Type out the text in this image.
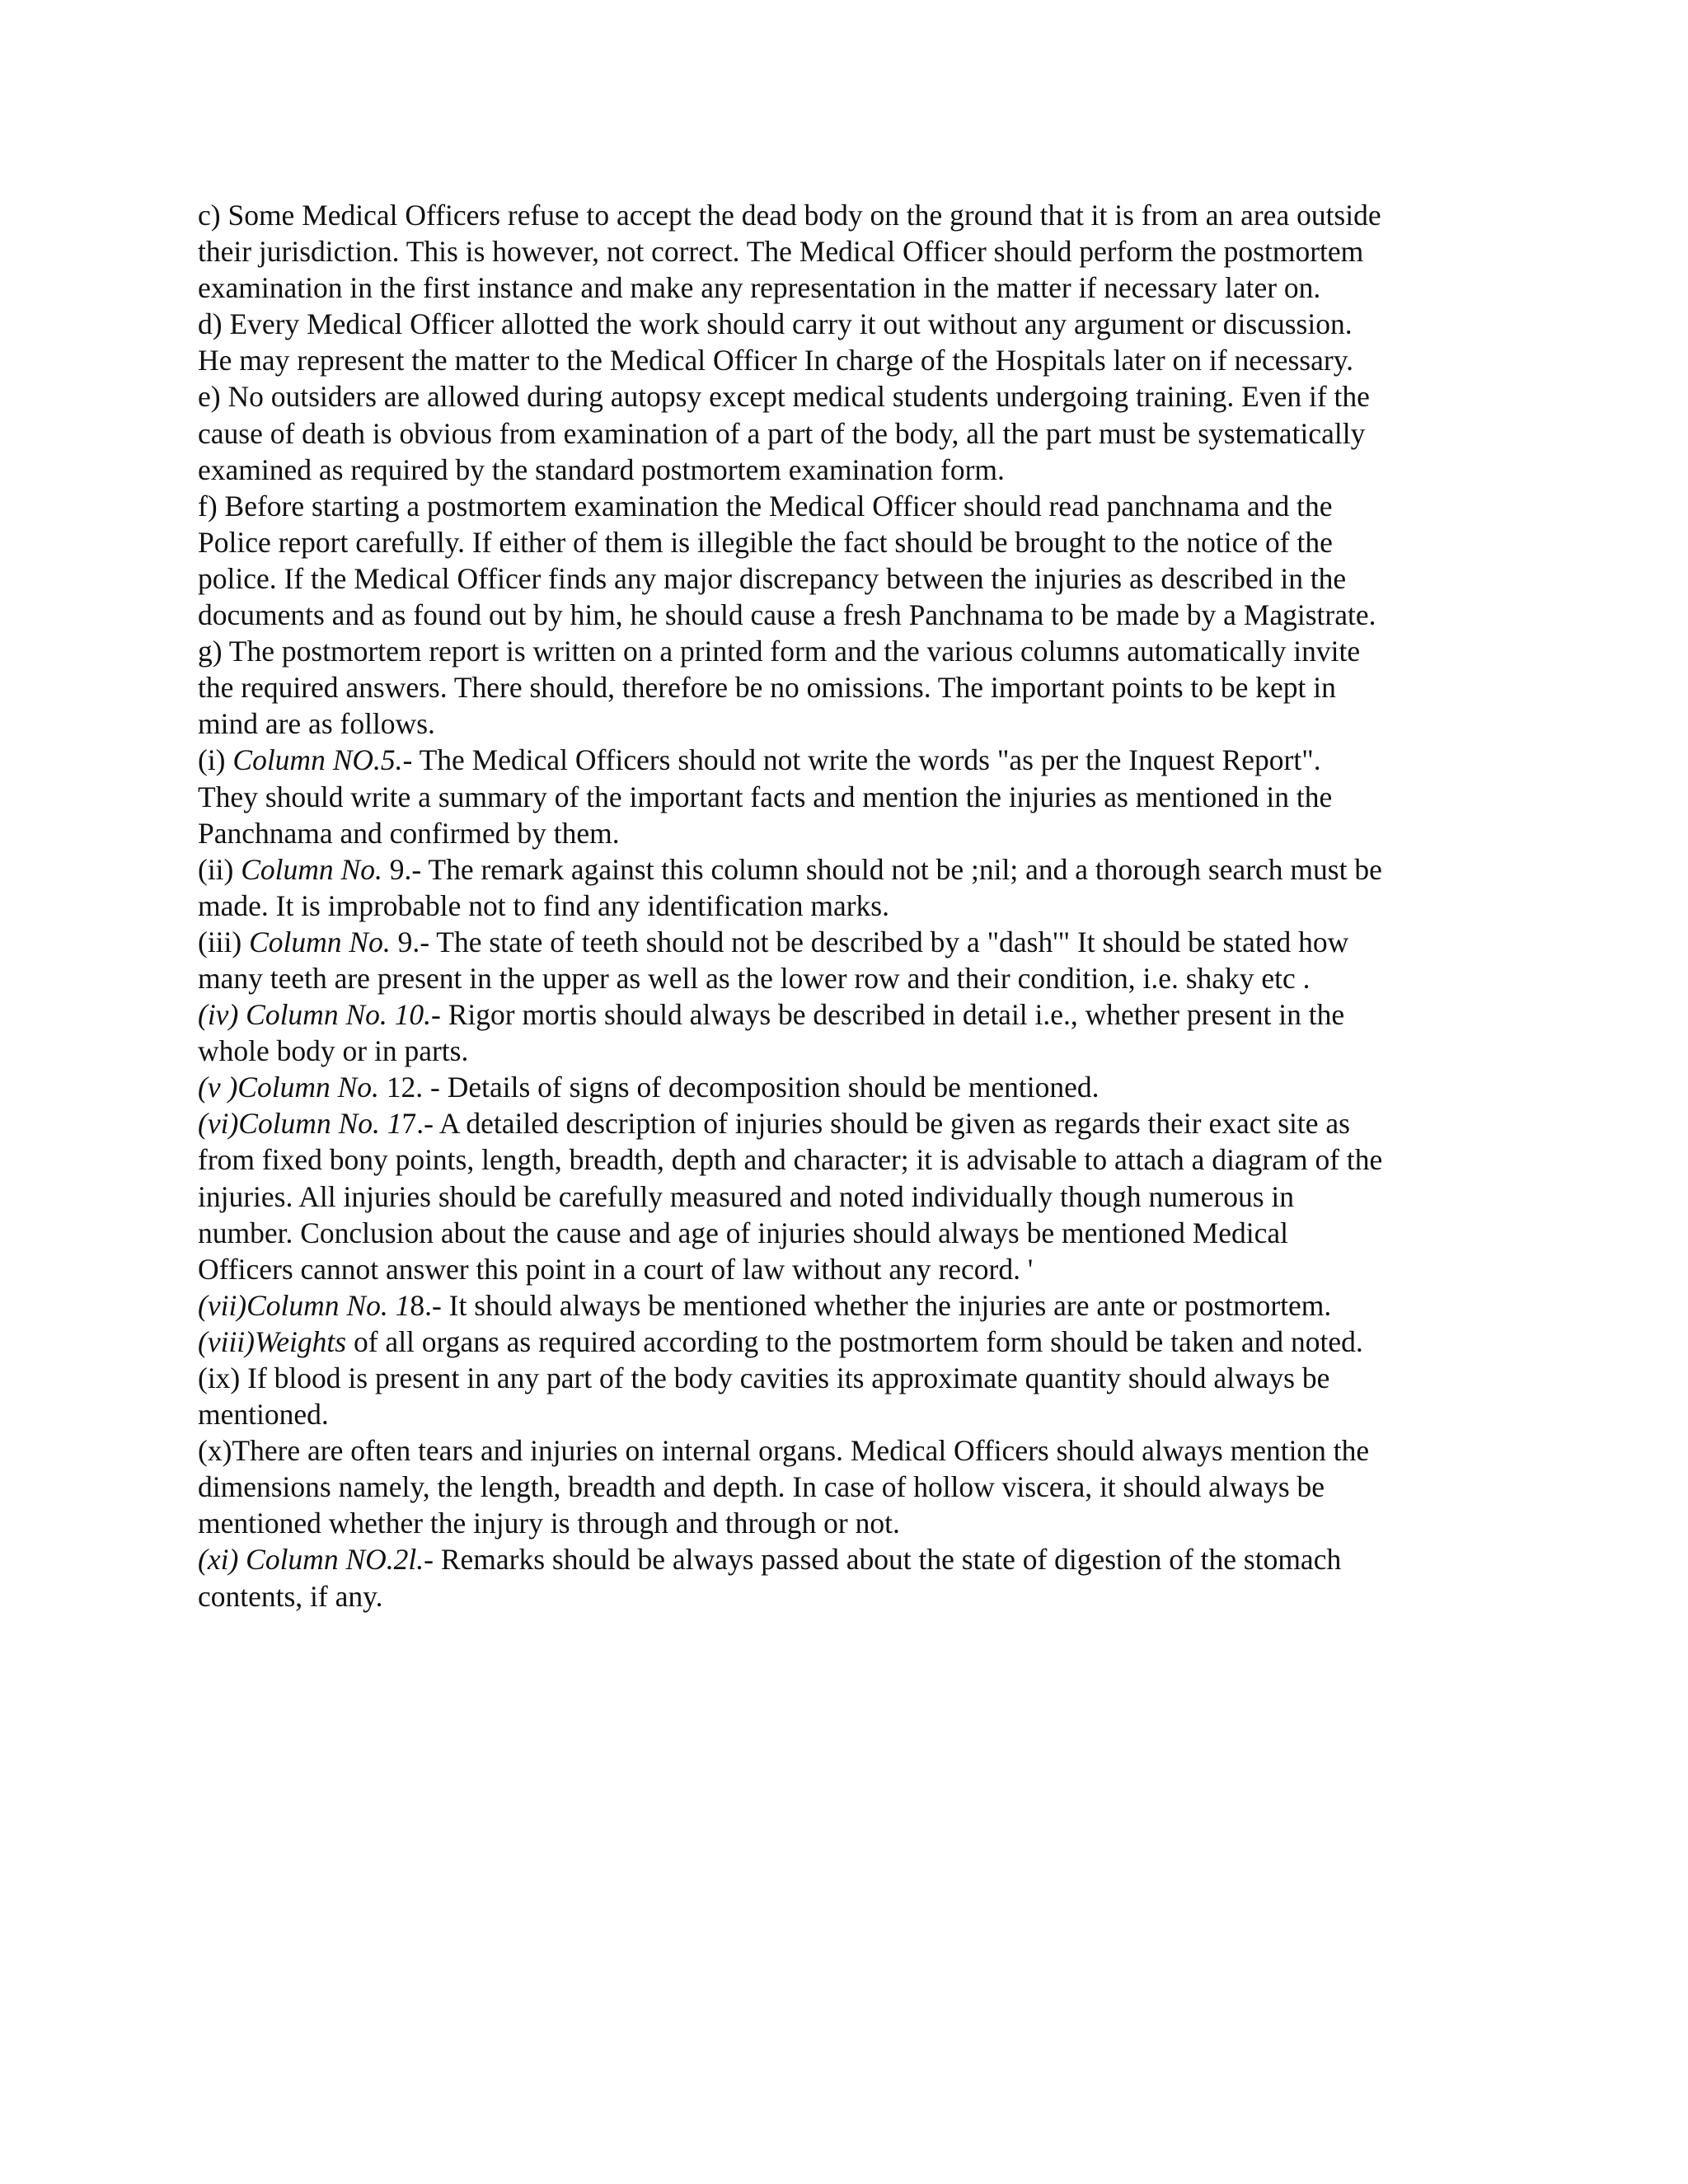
c) Some Medical Officers refuse to accept the dead body on the ground that it is from an area outside
their jurisdiction. This is however, not correct. The Medical Officer should perform the postmortem
examination in the first instance and make any representation in the matter if necessary later on.
d) Every Medical Officer allotted the work should carry it out without any argument or discussion.
He may represent the matter to the Medical Officer In charge of the Hospitals later on if necessary.
e) No outsiders are allowed during autopsy except medical students undergoing training. Even if the
cause of death is obvious from examination of a part of the body, all the part must be systematically
examined as required by the standard postmortem examination form.
f) Before starting a postmortem examination the Medical Officer should read panchnama and the
Police report carefully. If either of them is illegible the fact should be brought to the notice of the
police. If the Medical Officer finds any major discrepancy between the injuries as described in the
documents and as found out by him, he should cause a fresh Panchnama to be made by a Magistrate.
g) The postmortem report is written on a printed form and the various columns automatically invite
the required answers. There should, therefore be no omissions. The important points to be kept in
mind are as follows.
(i) Column NO.5.- The Medical Officers should not write the words "as per the Inquest Report".
They should write a summary of the important facts and mention the injuries as mentioned in the
Panchnama and confirmed by them.
(ii) Column No. 9.- The remark against this column should not be ;nil; and a thorough search must be
made. It is improbable not to find any identification marks.
(iii) Column No. 9.- The state of teeth should not be described by a "dash'" It should be stated how
many teeth are present in the upper as well as the lower row and their condition, i.e. shaky etc .
(iv) Column No. 10.- Rigor mortis should always be described in detail i.e., whether present in the
whole body or in parts.
(v )Column No. 12. - Details of signs of decomposition should be mentioned.
(vi)Column No. 17.- A detailed description of injuries should be given as regards their exact site as
from fixed bony points, length, breadth, depth and character; it is advisable to attach a diagram of the
injuries. All injuries should be carefully measured and noted individually though numerous in
number. Conclusion about the cause and age of injuries should always be mentioned Medical
Officers cannot answer this point in a court of law without any record. '
(vii)Column No. 18.- It should always be mentioned whether the injuries are ante or postmortem.
(viii)Weights of all organs as required according to the postmortem form should be taken and noted.
(ix) If blood is present in any part of the body cavities its approximate quantity should always be
mentioned.
(x)There are often tears and injuries on internal organs. Medical Officers should always mention the
dimensions namely, the length, breadth and depth. In case of hollow viscera, it should always be
mentioned whether the injury is through and through or not.
(xi) Column NO.2l.- Remarks should be always passed about the state of digestion of the stomach
contents, if any.
